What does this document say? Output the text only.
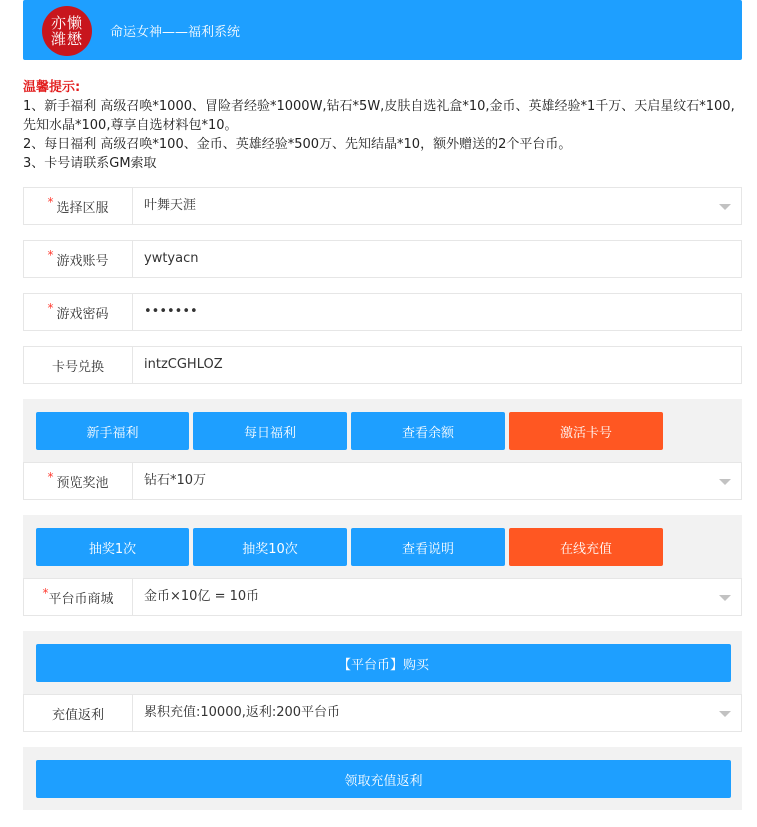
亦懒潍懋 命运女神——福利系统
温馨提示:
1、新手福利 高级召唤*1000、冒险者经验*1000W,钻石*5W,皮肤自选礼盒*10,金币、英雄经验*1千万、天启星纹石*100,先知水晶*100,尊享自选材料包*10。
2、每日福利 高级召唤*100、金币、英雄经验*500万、先知结晶*10，额外赠送的2个平台币。
3、卡号请联系GM索取
* 选择区服	叶舞天涯
* 游戏账号	ywtyacn
* 游戏密码	•••••••
卡号兑换	intzCGHLOZ
新手福利	每日福利	查看余额	激活卡号
* 预览奖池	钻石*10万
抽奖1次	抽奖10次	查看说明	在线充值
* 平台币商城 金币×10亿 = 10币
【平台币】购买
充值返利	累积充值:10000,返利:200平台币
领取充值返利
